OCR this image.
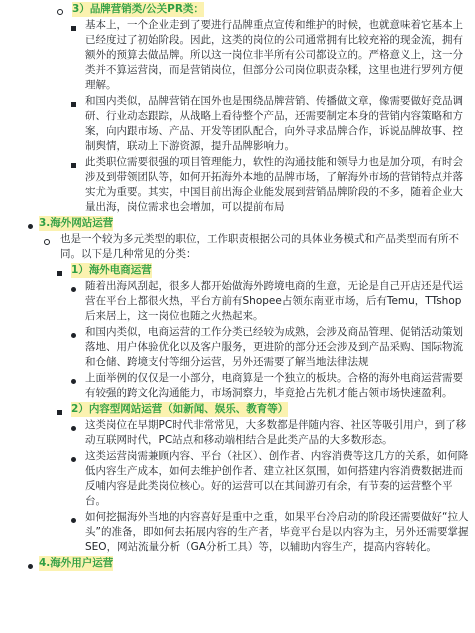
3） 品牌营销类/公关PR类：
基本上，一个企业走到了要进行品牌重点宣传和维护的时候，也就意味着它基本上已经度过了初始阶段。因此，这类的岗位的公司通常拥有比较充裕的现金流，拥有额外的预算去做品牌。所以这一岗位非半所有公司都设立的。严格意义上，这一分类并不算运营岗，而是营销岗位，但部分公司岗位职责杂糅，这里也进行罗列方便理解。
和国内类似，品牌营销在国外也是围绕品牌营销、传播做文章，像需要做好竞品调研、行业动态跟踪，从战略上看待整个产品，还需要制定本身的营销内容策略和方案，向内跟市场、产品、开发等团队配合，向外寻求品牌合作，诉说品牌故事、控制舆情，联动上下游资源，提升品牌影响力。
此类职位需要很强的项目管理能力，软性的沟通技能和领导力也是加分项，有时会涉及到带领团队等，如何开拓海外本地的品牌市场，了解海外市场的营销特点并落实尤为重要。其实，中国目前出海企业能发展到营销品牌阶段的不多，随着企业大量出海，岗位需求也会增加，可以提前布局
3.海外网站运营
也是一个较为多元类型的职位，工作职责根据公司的具体业务模式和产品类型而有所不同。以下是几种常见的分类：
1） 海外电商运营
随着出海风刮起，很多人都开始做海外跨境电商的生意，无论是自己开店还是代运营在平台上都很火热，平台方前有Shopee占领东南亚市场，后有Temu，TTshop后来居上，这一岗位也随之火热起来。
和国内类似，电商运营的工作分类已经较为成熟，会涉及商品管理、促销活动策划落地、用户体验优化以及客户服务，更进阶的部分还会涉及到产品采购、国际物流和仓储、跨境支付等细分运营，另外还需要了解当地法律法规
上面举例的仅仅是一小部分，电商算是一个独立的板块。合格的海外电商运营需要有较强的跨文化沟通能力，市场洞察力，毕竟抢占先机才能占领市场快速盈利。
2） 内容型网站运营（如新闻、娱乐、教育等）
这类岗位在早期PC时代非常常见，大多数都是伴随内容、社区等吸引用户，到了移动互联网时代，PC站点和移动端相结合是此类产品的大多数形态。
这类运营岗需兼顾内容、平台（社区）、创作者、内容消费等这几方的关系，如何降低内容生产成本，如何去维护创作者、建立社区氛围，如何搭建内容消费数据进而反哺内容是此类岗位核心。好的运营可以在其间游刃有余，有节奏的运营整个平台。
如何挖掘海外当地的内容喜好是重中之重，如果平台冷启动的阶段还需要做好“拉人头”的准备，即如何去拓展内容的生产者，毕竟平台是以内容为主，另外还需要掌握SEO，网站流量分析（GA分析工具）等，以辅助内容生产，提高内容转化。
4.海外用户运营
